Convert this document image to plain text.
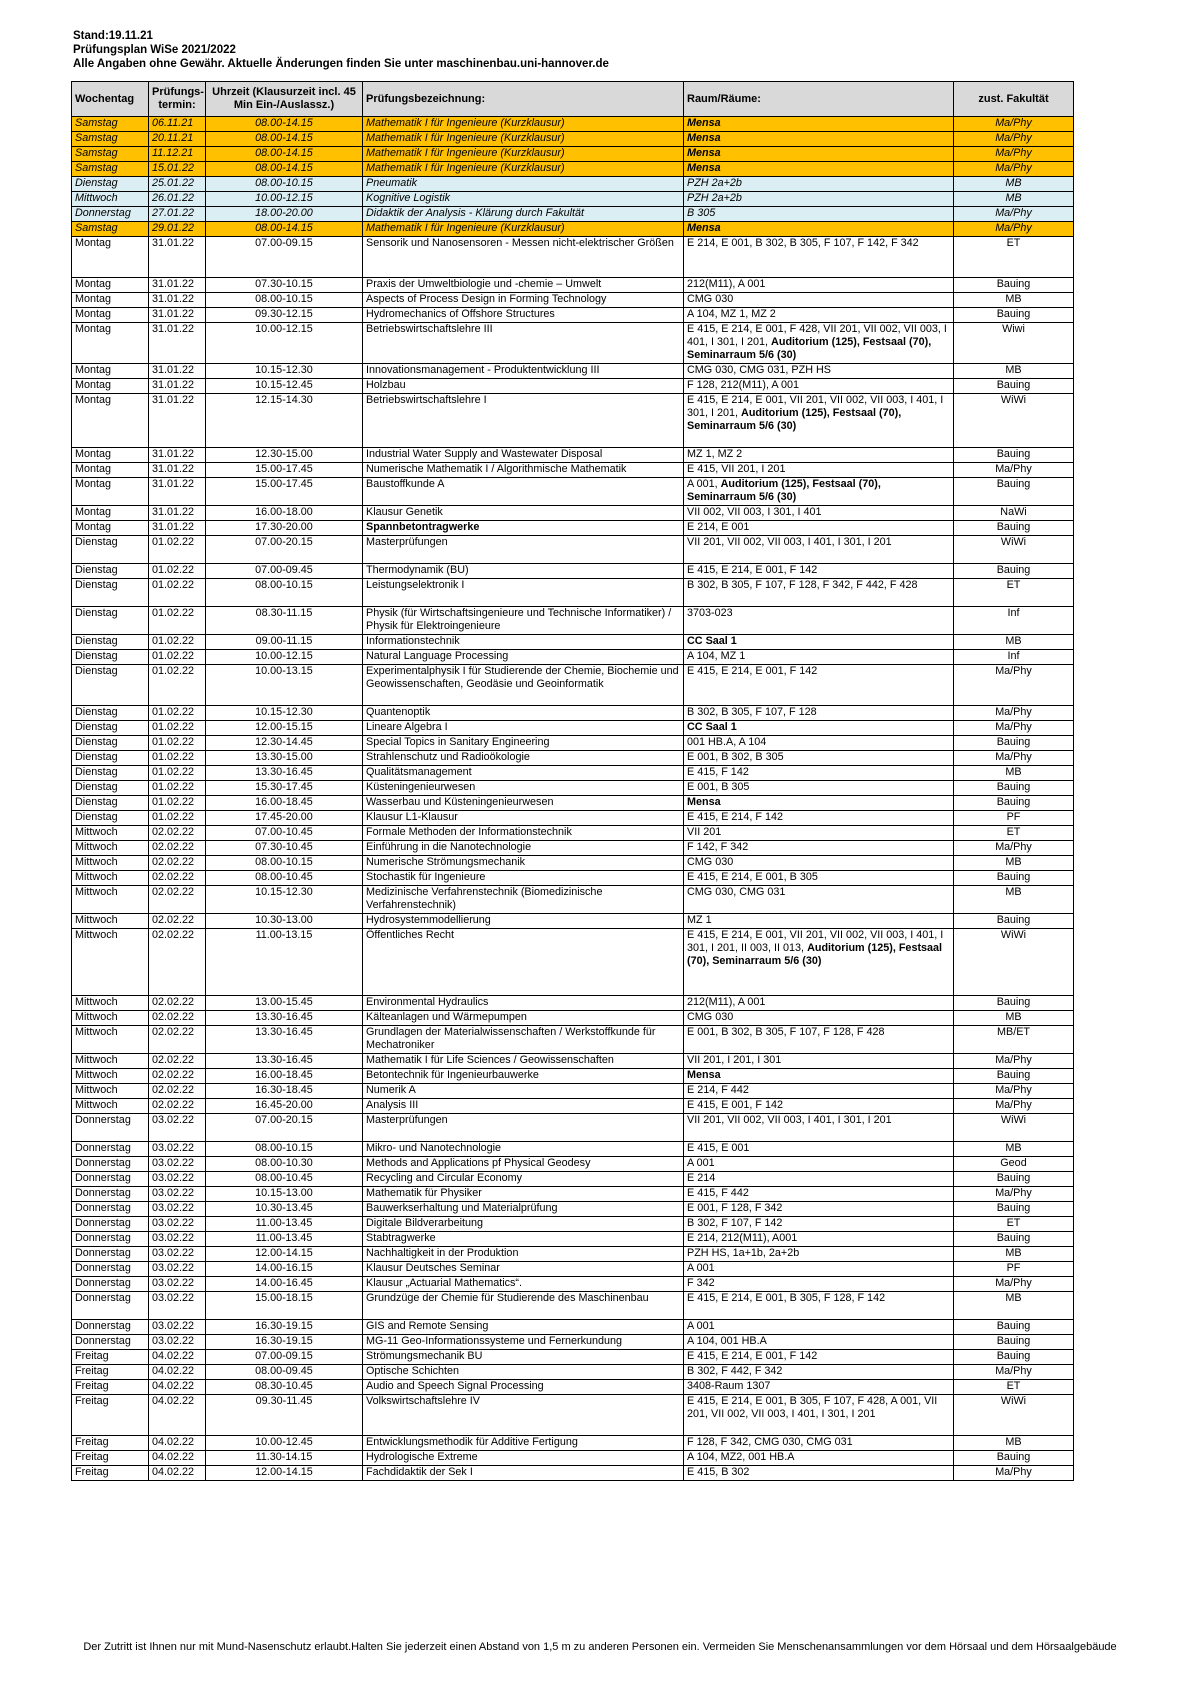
Stand:19.11.21
Prüfungsplan WiSe 2021/2022
Alle Angaben ohne Gewähr. Aktuelle Änderungen finden Sie unter maschinenbau.uni-hannover.de
Wochentag	Prüfungs-termin:	Uhrzeit (Klausurzeit incl. 45 Min Ein-/Auslassz.)	Prüfungsbezeichnung:	Raum/Räume:	zust. Fakultät
Samstag	06.11.21	08.00-14.15	Mathematik I für Ingenieure (Kurzklausur)	Mensa	Ma/Phy
Samstag	20.11.21	08.00-14.15	Mathematik I für Ingenieure (Kurzklausur)	Mensa	Ma/Phy
Samstag	11.12.21	08.00-14.15	Mathematik I für Ingenieure (Kurzklausur)	Mensa	Ma/Phy
Samstag	15.01.22	08.00-14.15	Mathematik I für Ingenieure (Kurzklausur)	Mensa	Ma/Phy
Dienstag	25.01.22	08.00-10.15	Pneumatik	PZH 2a+2b	MB
Mittwoch	26.01.22	10.00-12.15	Kognitive Logistik	PZH 2a+2b	MB
Donnerstag	27.01.22	18.00-20.00	Didaktik der Analysis - Klärung durch Fakultät	B 305	Ma/Phy
Samstag	29.01.22	08.00-14.15	Mathematik I für Ingenieure (Kurzklausur)	Mensa	Ma/Phy
Montag	31.01.22	07.00-09.15	Sensorik und Nanosensoren - Messen nicht-elektrischer Größen	E 214, E 001, B 302, B 305, F 107, F 142, F 342	ET
Montag	31.01.22	07.30-10.15	Praxis der Umweltbiologie und -chemie – Umwelt	212(M11), A 001	Bauing
Montag	31.01.22	08.00-10.15	Aspects of Process Design in Forming Technology	CMG 030	MB
Montag	31.01.22	09.30-12.15	Hydromechanics of Offshore Structures	A 104, MZ 1, MZ 2	Bauing
Montag	31.01.22	10.00-12.15	Betriebswirtschaftslehre III	E 415, E 214, E 001, F 428, VII 201, VII 002, VII 003, I 401, I 301, I 201, Auditorium (125), Festsaal (70), Seminarraum 5/6 (30)	Wiwi
Montag	31.01.22	10.15-12.30	Innovationsmanagement - Produktentwicklung III	CMG 030, CMG 031, PZH HS	MB
Montag	31.01.22	10.15-12.45	Holzbau	F 128, 212(M11), A 001	Bauing
Montag	31.01.22	12.15-14.30	Betriebswirtschaftslehre I	E 415, E 214, E 001, VII 201, VII 002, VII 003, I 401, I 301, I 201, Auditorium (125), Festsaal (70), Seminarraum 5/6 (30)	WiWi
Montag	31.01.22	12.30-15.00	Industrial Water Supply and Wastewater Disposal	MZ 1, MZ 2	Bauing
Montag	31.01.22	15.00-17.45	Numerische Mathematik I / Algorithmische Mathematik	E 415, VII 201, I 201	Ma/Phy
Montag	31.01.22	15.00-17.45	Baustoffkunde A	A 001, Auditorium (125), Festsaal (70), Seminarraum 5/6 (30)	Bauing
Montag	31.01.22	16.00-18.00	Klausur Genetik	VII 002, VII 003, I 301, I 401	NaWi
Montag	31.01.22	17.30-20.00	Spannbetontragwerke	E 214, E 001	Bauing
Dienstag	01.02.22	07.00-20.15	Masterprüfungen	VII 201, VII 002, VII 003, I 401, I 301, I 201	WiWi
Dienstag	01.02.22	07.00-09.45	Thermodynamik (BU)	E 415, E 214, E 001, F 142	Bauing
Dienstag	01.02.22	08.00-10.15	Leistungselektronik I	B 302, B 305, F 107, F 128, F 342, F 442, F 428	ET
Dienstag	01.02.22	08.30-11.15	Physik (für Wirtschaftsingenieure und Technische Informatiker) / Physik für Elektroingenieure	3703-023	Inf
Dienstag	01.02.22	09.00-11.15	Informationstechnik	CC Saal 1	MB
Dienstag	01.02.22	10.00-12.15	Natural Language Processing	A 104, MZ 1	Inf
Dienstag	01.02.22	10.00-13.15	Experimentalphysik I für Studierende der Chemie, Biochemie und Geowissenschaften, Geodäsie und Geoinformatik	E 415, E 214, E 001, F 142	Ma/Phy
Dienstag	01.02.22	10.15-12.30	Quantenoptik	B 302, B 305, F 107, F 128	Ma/Phy
Dienstag	01.02.22	12.00-15.15	Lineare Algebra I	CC Saal 1	Ma/Phy
Dienstag	01.02.22	12.30-14.45	Special Topics in Sanitary Engineering	001 HB.A, A 104	Bauing
Dienstag	01.02.22	13.30-15.00	Strahlenschutz und Radioökologie	E 001, B 302, B 305	Ma/Phy
Dienstag	01.02.22	13.30-16.45	Qualitätsmanagement	E 415, F 142	MB
Dienstag	01.02.22	15.30-17.45	Küsteningenieurwesen	E 001, B 305	Bauing
Dienstag	01.02.22	16.00-18.45	Wasserbau und Küsteningenieurwesen	Mensa	Bauing
Dienstag	01.02.22	17.45-20.00	Klausur L1-Klausur	E 415, E 214, F 142	PF
Mittwoch	02.02.22	07.00-10.45	Formale Methoden der Informationstechnik	VII 201	ET
Mittwoch	02.02.22	07.30-10.45	Einführung in die Nanotechnologie	F 142, F 342	Ma/Phy
Mittwoch	02.02.22	08.00-10.15	Numerische Strömungsmechanik	CMG 030	MB
Mittwoch	02.02.22	08.00-10.45	Stochastik für Ingenieure	E 415, E 214, E 001, B 305	Bauing
Mittwoch	02.02.22	10.15-12.30	Medizinische Verfahrenstechnik (Biomedizinische Verfahrenstechnik)	CMG 030, CMG 031	MB
Mittwoch	02.02.22	10.30-13.00	Hydrosystemmodellierung	MZ 1	Bauing
Mittwoch	02.02.22	11.00-13.15	Öffentliches Recht	E 415, E 214, E 001, VII 201, VII 002, VII 003, I 401, I 301, I 201, II 003, II 013, Auditorium (125), Festsaal (70), Seminarraum 5/6 (30)	WiWi
Mittwoch	02.02.22	13.00-15.45	Environmental Hydraulics	212(M11), A 001	Bauing
Mittwoch	02.02.22	13.30-16.45	Kälteanlagen und Wärmepumpen	CMG 030	MB
Mittwoch	02.02.22	13.30-16.45	Grundlagen der Materialwissenschaften / Werkstoffkunde für Mechatroniker	E 001, B 302, B 305, F 107, F 128, F 428	MB/ET
Mittwoch	02.02.22	13.30-16.45	Mathematik I für Life Sciences / Geowissenschaften	VII 201, I 201, I 301	Ma/Phy
Mittwoch	02.02.22	16.00-18.45	Betontechnik für Ingenieurbauwerke	Mensa	Bauing
Mittwoch	02.02.22	16.30-18.45	Numerik A	E 214, F 442	Ma/Phy
Mittwoch	02.02.22	16.45-20.00	Analysis III	E 415, E 001, F 142	Ma/Phy
Donnerstag	03.02.22	07.00-20.15	Masterprüfungen	VII 201, VII 002, VII 003, I 401, I 301, I 201	WiWi
Donnerstag	03.02.22	08.00-10.15	Mikro- und Nanotechnologie	E 415, E 001	MB
Donnerstag	03.02.22	08.00-10.30	Methods and Applications pf Physical Geodesy	A 001	Geod
Donnerstag	03.02.22	08.00-10.45	Recycling and Circular Economy	E 214	Bauing
Donnerstag	03.02.22	10.15-13.00	Mathematik für Physiker	E 415, F 442	Ma/Phy
Donnerstag	03.02.22	10.30-13.45	Bauwerkserhaltung und Materialprüfung	E 001, F 128, F 342	Bauing
Donnerstag	03.02.22	11.00-13.45	Digitale Bildverarbeitung	B 302, F 107, F 142	ET
Donnerstag	03.02.22	11.00-13.45	Stabtragwerke	E 214, 212(M11), A001	Bauing
Donnerstag	03.02.22	12.00-14.15	Nachhaltigkeit in der Produktion	PZH HS, 1a+1b, 2a+2b	MB
Donnerstag	03.02.22	14.00-16.15	Klausur Deutsches Seminar	A 001	PF
Donnerstag	03.02.22	14.00-16.45	Klausur „Actuarial Mathematics“.	F 342	Ma/Phy
Donnerstag	03.02.22	15.00-18.15	Grundzüge der Chemie für Studierende des Maschinenbau	E 415, E 214, E 001, B 305, F 128, F 142	MB
Donnerstag	03.02.22	16.30-19.15	GIS and Remote Sensing	A 001	Bauing
Donnerstag	03.02.22	16.30-19.15	MG-11 Geo-Informationssysteme und Fernerkundung	A 104, 001 HB.A	Bauing
Freitag	04.02.22	07.00-09.15	Strömungsmechanik BU	E 415, E 214, E 001, F 142	Bauing
Freitag	04.02.22	08.00-09.45	Optische Schichten	B 302, F 442, F 342	Ma/Phy
Freitag	04.02.22	08.30-10.45	Audio and Speech Signal Processing	3408-Raum 1307	ET
Freitag	04.02.22	09.30-11.45	Volkswirtschaftslehre IV	E 415, E 214, E 001, B 305, F 107, F 428, A 001, VII 201, VII 002, VII 003, I 401, I 301, I 201	WiWi
Freitag	04.02.22	10.00-12.45	Entwicklungsmethodik für Additive Fertigung	F 128, F 342, CMG 030, CMG 031	MB
Freitag	04.02.22	11.30-14.15	Hydrologische Extreme	A 104, MZ2, 001 HB.A	Bauing
Freitag	04.02.22	12.00-14.15	Fachdidaktik der Sek I	E 415, B 302	Ma/Phy
Der Zutritt ist Ihnen nur mit Mund-Nasenschutz erlaubt.Halten Sie jederzeit einen Abstand von 1,5 m zu anderen Personen ein. Vermeiden Sie Menschenansammlungen vor dem Hörsaal und dem Hörsaalgebäude
